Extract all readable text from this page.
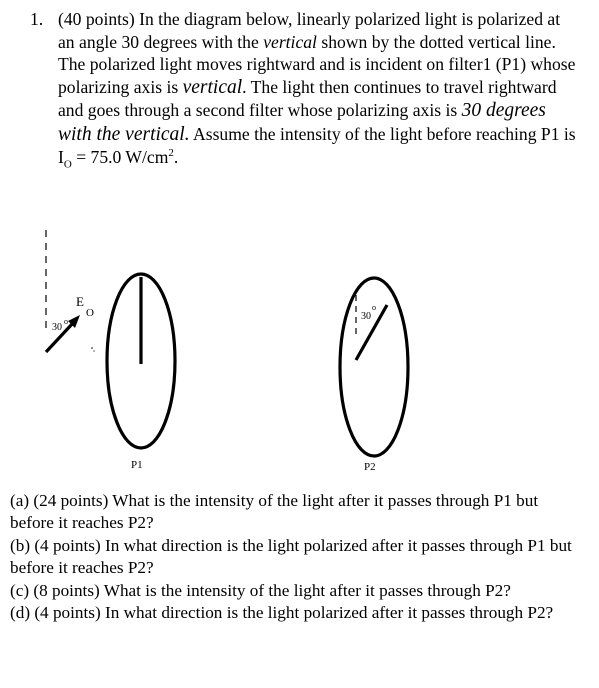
1. (40 points) In the diagram below, linearly polarized light is polarized at an angle 30 degrees with the vertical shown by the dotted vertical line. The polarized light moves rightward and is incident on filter1 (P1) whose polarizing axis is vertical. The light then continues to travel rightward and goes through a second filter whose polarizing axis is 30 degrees with the vertical. Assume the intensity of the light before reaching P1 is $I_O = 75.0$ $W/cm^2$.
E
O
30
o
P1
30
o
P2

(a) (24 points) What is the intensity of the light after it passes through P1 but before it reaches P2?

(b) (4 points) In what direction is the light polarized after it passes through P1 but before it reaches P2?

(c) (8 points) What is the intensity of the light after it passes through P2?

(d) (4 points) In what direction is the light polarized after it passes through P2?
